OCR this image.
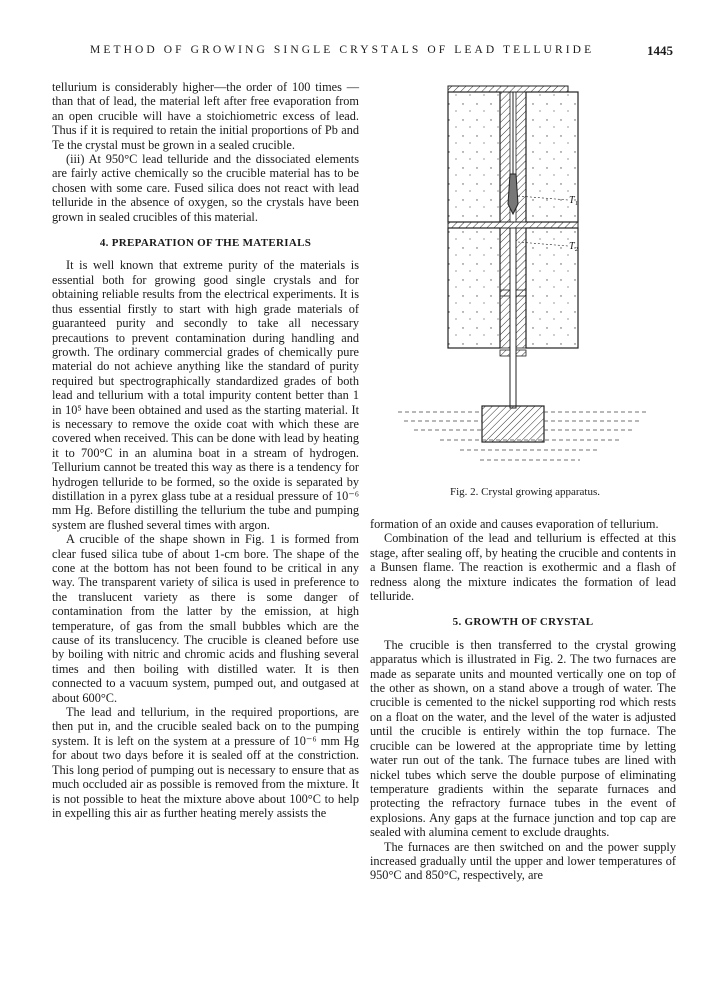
METHOD OF GROWING SINGLE CRYSTALS OF LEAD TELLURIDE	1445

tellurium is considerably higher—the order of 100 times —than that of lead, the material left after free evaporation from an open crucible will have a stoichiometric excess of lead. Thus if it is required to retain the initial proportions of Pb and Te the crystal must be grown in a sealed crucible.

(iii) At 950°C lead telluride and the dissociated elements are fairly active chemically so the crucible material has to be chosen with some care. Fused silica does not react with lead telluride in the absence of oxygen, so the crystals have been grown in sealed crucibles of this material.

4. PREPARATION OF THE MATERIALS

It is well known that extreme purity of the materials is essential both for growing good single crystals and for obtaining reliable results from the electrical experiments. It is thus essential firstly to start with high grade materials of guaranteed purity and secondly to take all necessary precautions to prevent contamination during handling and growth. The ordinary commercial grades of chemically pure material do not achieve anything like the standard of purity required but spectrographically standardized grades of both lead and tellurium with a total impurity content better than 1 in 10⁵ have been obtained and used as the starting material. It is necessary to remove the oxide coat with which these are covered when received. This can be done with lead by heating it to 700°C in an alumina boat in a stream of hydrogen. Tellurium cannot be treated this way as there is a tendency for hydrogen telluride to be formed, so the oxide is separated by distillation in a pyrex glass tube at a residual pressure of 10⁻⁶ mm Hg. Before distilling the tellurium the tube and pumping system are flushed several times with argon.

A crucible of the shape shown in Fig. 1 is formed from clear fused silica tube of about 1-cm bore. The shape of the cone at the bottom has not been found to be critical in any way. The transparent variety of silica is used in preference to the translucent variety as there is some danger of contamination from the latter by the emission, at high temperature, of gas from the small bubbles which are the cause of its translucency. The crucible is cleaned before use by boiling with nitric and chromic acids and flushing several times and then boiling with distilled water. It is then connected to a vacuum system, pumped out, and outgased at about 600°C.

The lead and tellurium, in the required proportions, are then put in, and the crucible sealed back on to the pumping system. It is left on the system at a pressure of 10⁻⁶ mm Hg for about two days before it is sealed off at the constriction. This long period of pumping out is necessary to ensure that as much occluded air as possible is removed from the mixture. It is not possible to heat the mixture above about 100°C to help in expelling this air as further heating merely assists the

T₁
T₂
Fig. 2. Crystal growing apparatus.

formation of an oxide and causes evaporation of tellurium.

Combination of the lead and tellurium is effected at this stage, after sealing off, by heating the crucible and contents in a Bunsen flame. The reaction is exothermic and a flash of redness along the mixture indicates the formation of lead telluride.

5. GROWTH OF CRYSTAL

The crucible is then transferred to the crystal growing apparatus which is illustrated in Fig. 2. The two furnaces are made as separate units and mounted vertically one on top of the other as shown, on a stand above a trough of water. The crucible is cemented to the nickel supporting rod which rests on a float on the water, and the level of the water is adjusted until the crucible is entirely within the top furnace. The crucible can be lowered at the appropriate time by letting water run out of the tank. The furnace tubes are lined with nickel tubes which serve the double purpose of eliminating temperature gradients within the separate furnaces and protecting the refractory furnace tubes in the event of explosions. Any gaps at the furnace junction and top cap are sealed with alumina cement to exclude draughts.

The furnaces are then switched on and the power supply increased gradually until the upper and lower temperatures of 950°C and 850°C, respectively, are
